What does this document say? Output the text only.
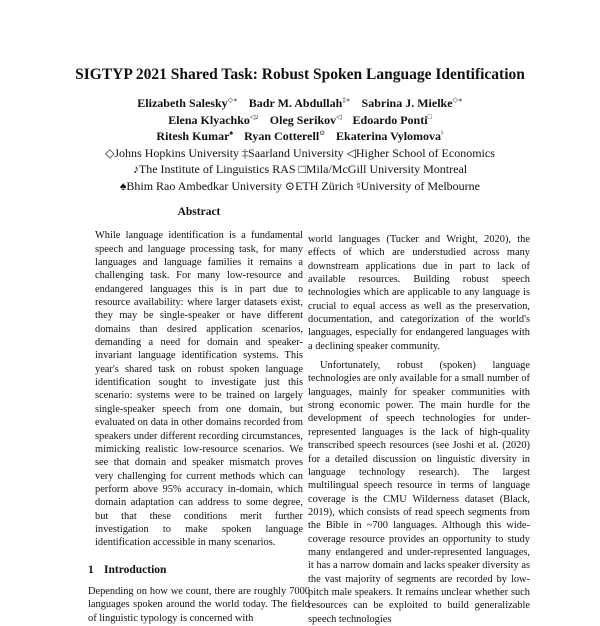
SIGTYP 2021 Shared Task: Robust Spoken Language Identification
Elizabeth Salesky◇∗ Badr M. Abdullah‡∗ Sabrina J. Mielke◇∗
Elena Klyachko◁♪ Oleg Serikov◁ Edoardo Ponti□
Ritesh Kumar♠ Ryan Cotterell⊙ Ekaterina Vylomova♮
◇Johns Hopkins University ‡Saarland University ◁Higher School of Economics
♪The Institute of Linguistics RAS □Mila/McGill University Montreal
♠Bhim Rao Ambedkar University ⊙ETH Zürich ♮University of Melbourne
Abstract

While language identification is a fundamental speech and language processing task, for many languages and language families it remains a challenging task. For many low-resource and endangered languages this is in part due to resource availability: where larger datasets exist, they may be single-speaker or have different domains than desired application scenarios, demanding a need for domain and speaker-invariant language identification systems. This year's shared task on robust spoken language identification sought to investigate just this scenario: systems were to be trained on largely single-speaker speech from one domain, but evaluated on data in other domains recorded from speakers under different recording circumstances, mimicking realistic low-resource scenarios. We see that domain and speaker mismatch proves very challenging for current methods which can perform above 95% accuracy in-domain, which domain adaptation can address to some degree, but that these conditions merit further investigation to make spoken language identification accessible in many scenarios.

1 Introduction

Depending on how we count, there are roughly 7000 languages spoken around the world today. The field of linguistic typology is concerned with

world languages (Tucker and Wright, 2020), the effects of which are understudied across many downstream applications due in part to lack of available resources. Building robust speech technologies which are applicable to any language is crucial to equal access as well as the preservation, documentation, and categorization of the world's languages, especially for endangered languages with a declining speaker community.

Unfortunately, robust (spoken) language technologies are only available for a small number of languages, mainly for speaker communities with strong economic power. The main hurdle for the development of speech technologies for under-represented languages is the lack of high-quality transcribed speech resources (see Joshi et al. (2020) for a detailed discussion on linguistic diversity in language technology research). The largest multilingual speech resource in terms of language coverage is the CMU Wilderness dataset (Black, 2019), which consists of read speech segments from the Bible in ~700 languages. Although this wide-coverage resource provides an opportunity to study many endangered and under-represented languages, it has a narrow domain and lacks speaker diversity as the vast majority of segments are recorded by low-pitch male speakers. It remains unclear whether such resources can be exploited to build generalizable speech technologies
